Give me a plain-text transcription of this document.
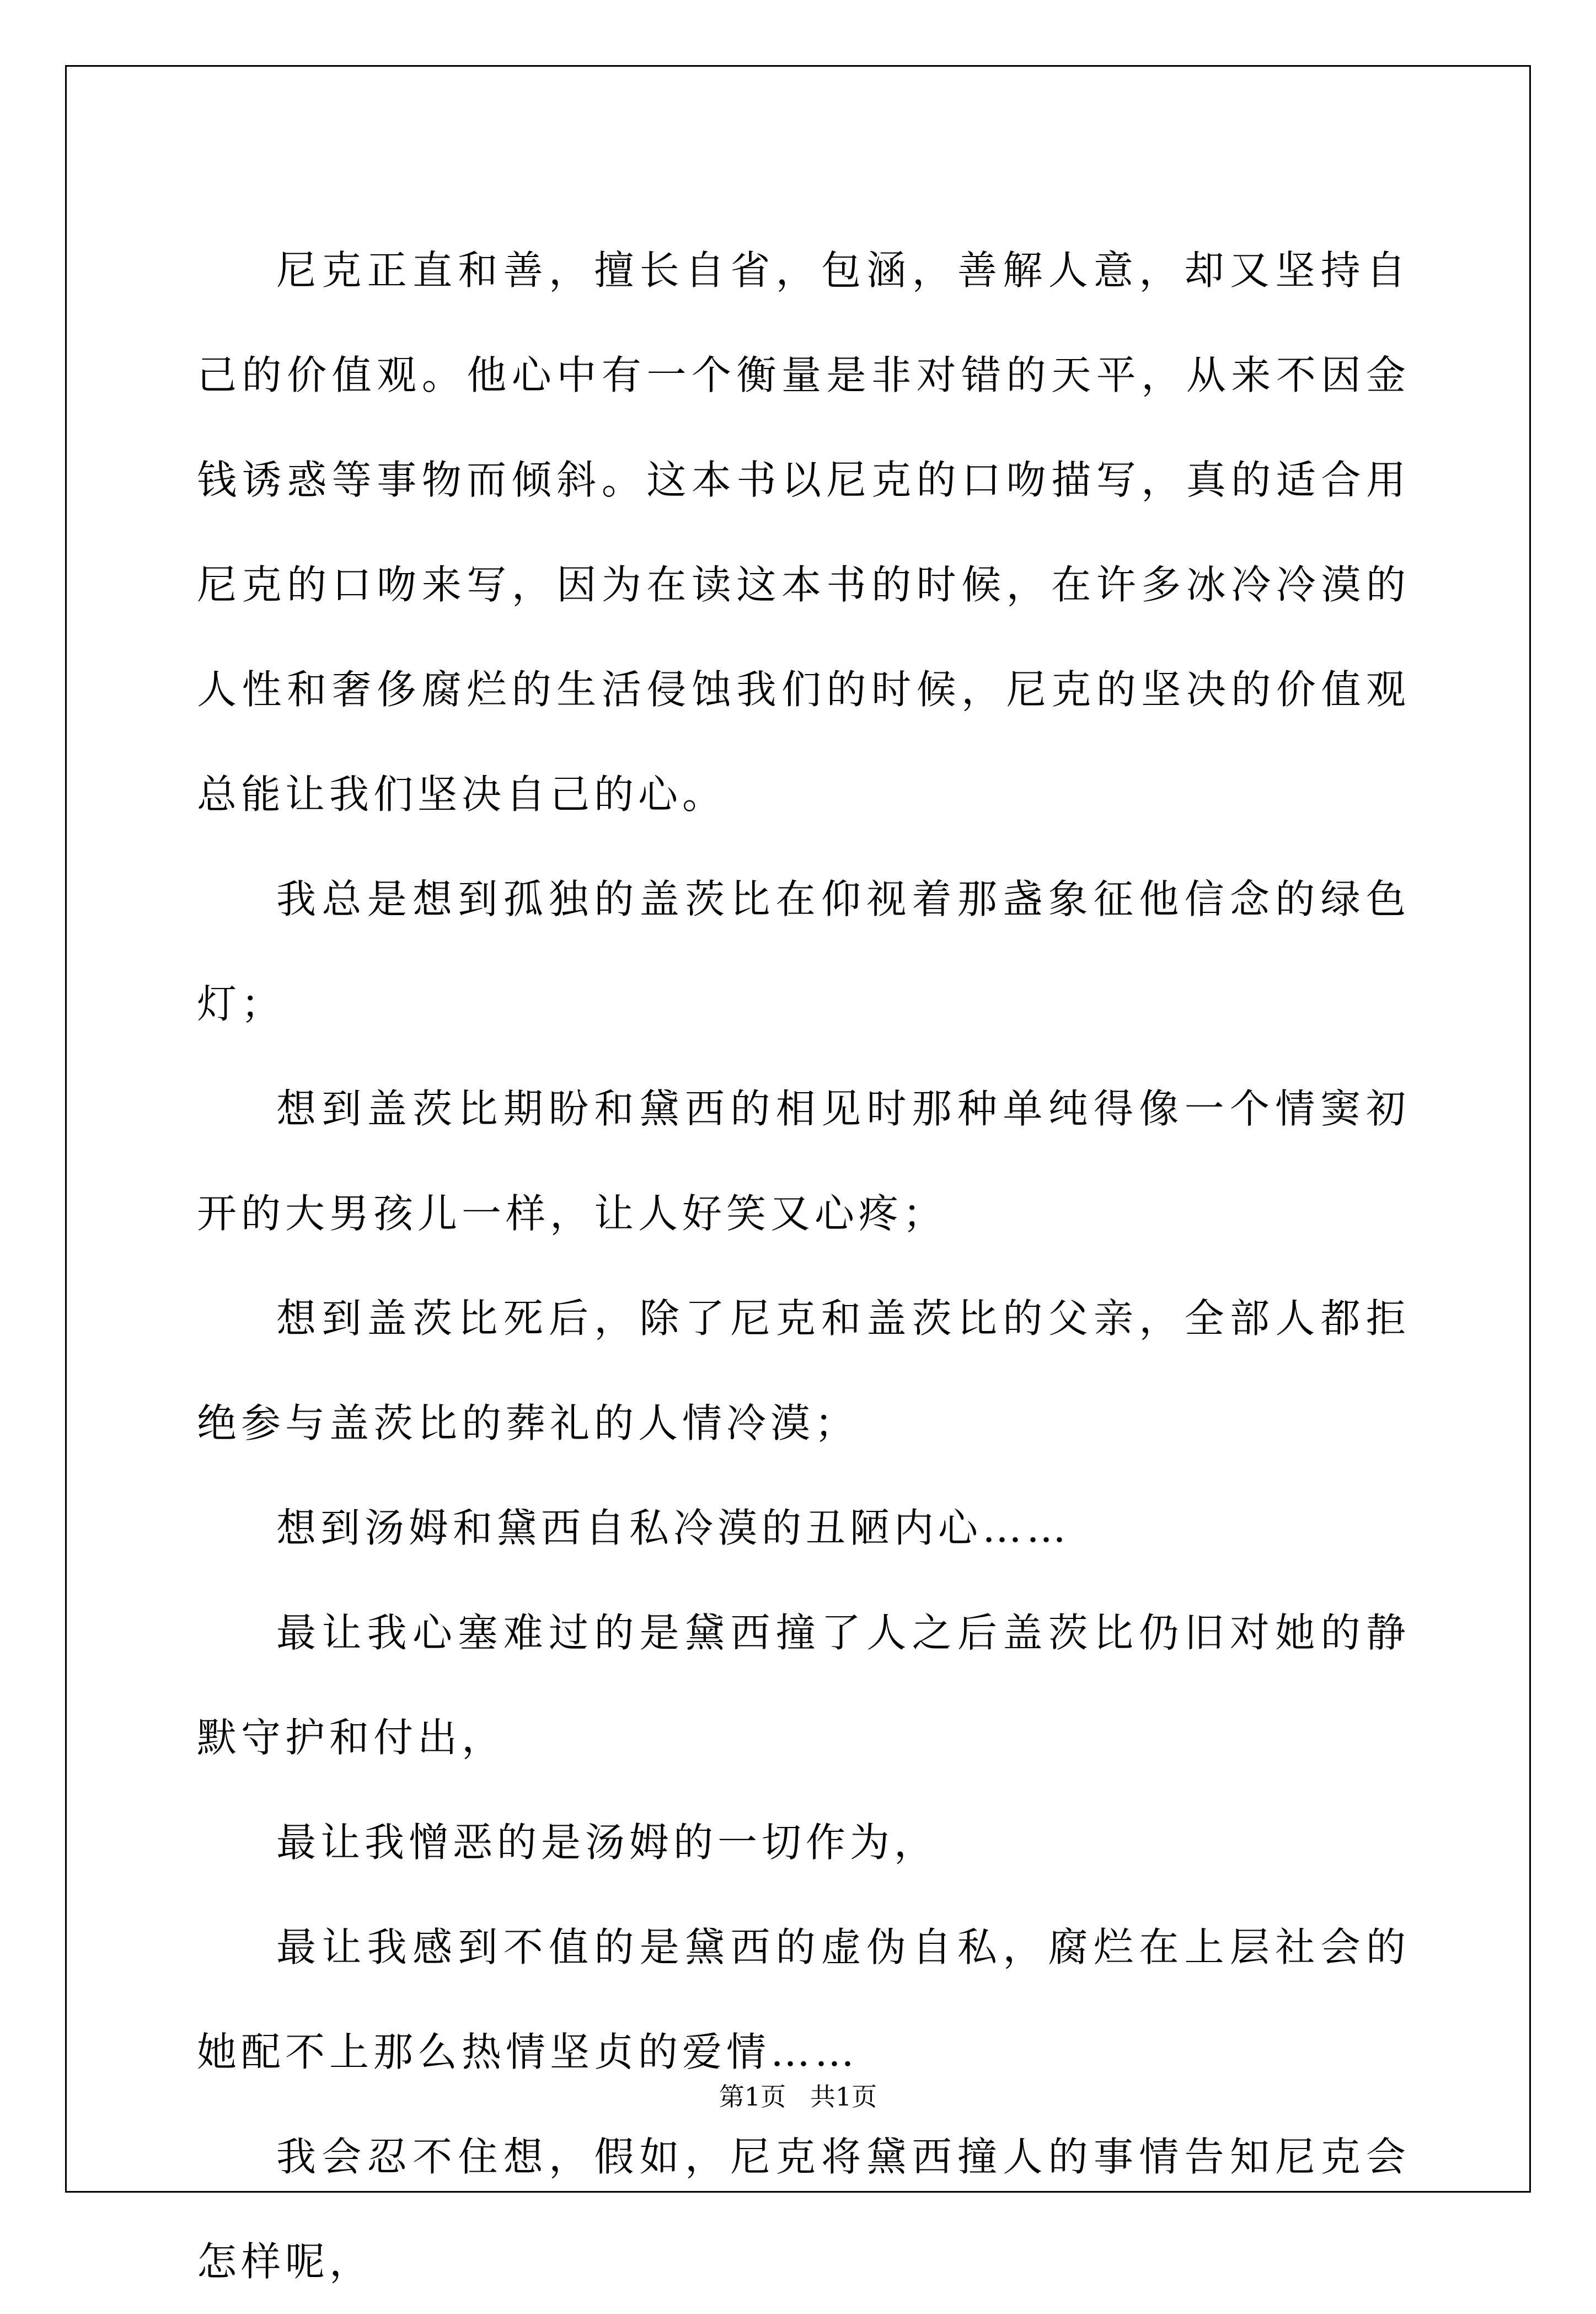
尼克正直和善，擅长自省，包涵，善解人意，却又坚持自己的价值观。他心中有一个衡量是非对错的天平，从来不因金钱诱惑等事物而倾斜。这本书以尼克的口吻描写，真的适合用尼克的口吻来写，因为在读这本书的时候，在许多冰冷冷漠的人性和奢侈腐烂的生活侵蚀我们的时候，尼克的坚决的价值观总能让我们坚决自己的心。

我总是想到孤独的盖茨比在仰视着那盏象征他信念的绿色灯；

想到盖茨比期盼和黛西的相见时那种单纯得像一个情窦初开的大男孩儿一样，让人好笑又心疼；

想到盖茨比死后，除了尼克和盖茨比的父亲，全部人都拒绝参与盖茨比的葬礼的人情冷漠；

想到汤姆和黛西自私冷漠的丑陋内心……

最让我心塞难过的是黛西撞了人之后盖茨比仍旧对她的静默守护和付出，

最让我憎恶的是汤姆的一切作为，

最让我感到不值的是黛西的虚伪自私，腐烂在上层社会的她配不上那么热情坚贞的爱情……

我会忍不住想，假如，尼克将黛西撞人的事情告知尼克会怎样呢，

第1页   共1页
